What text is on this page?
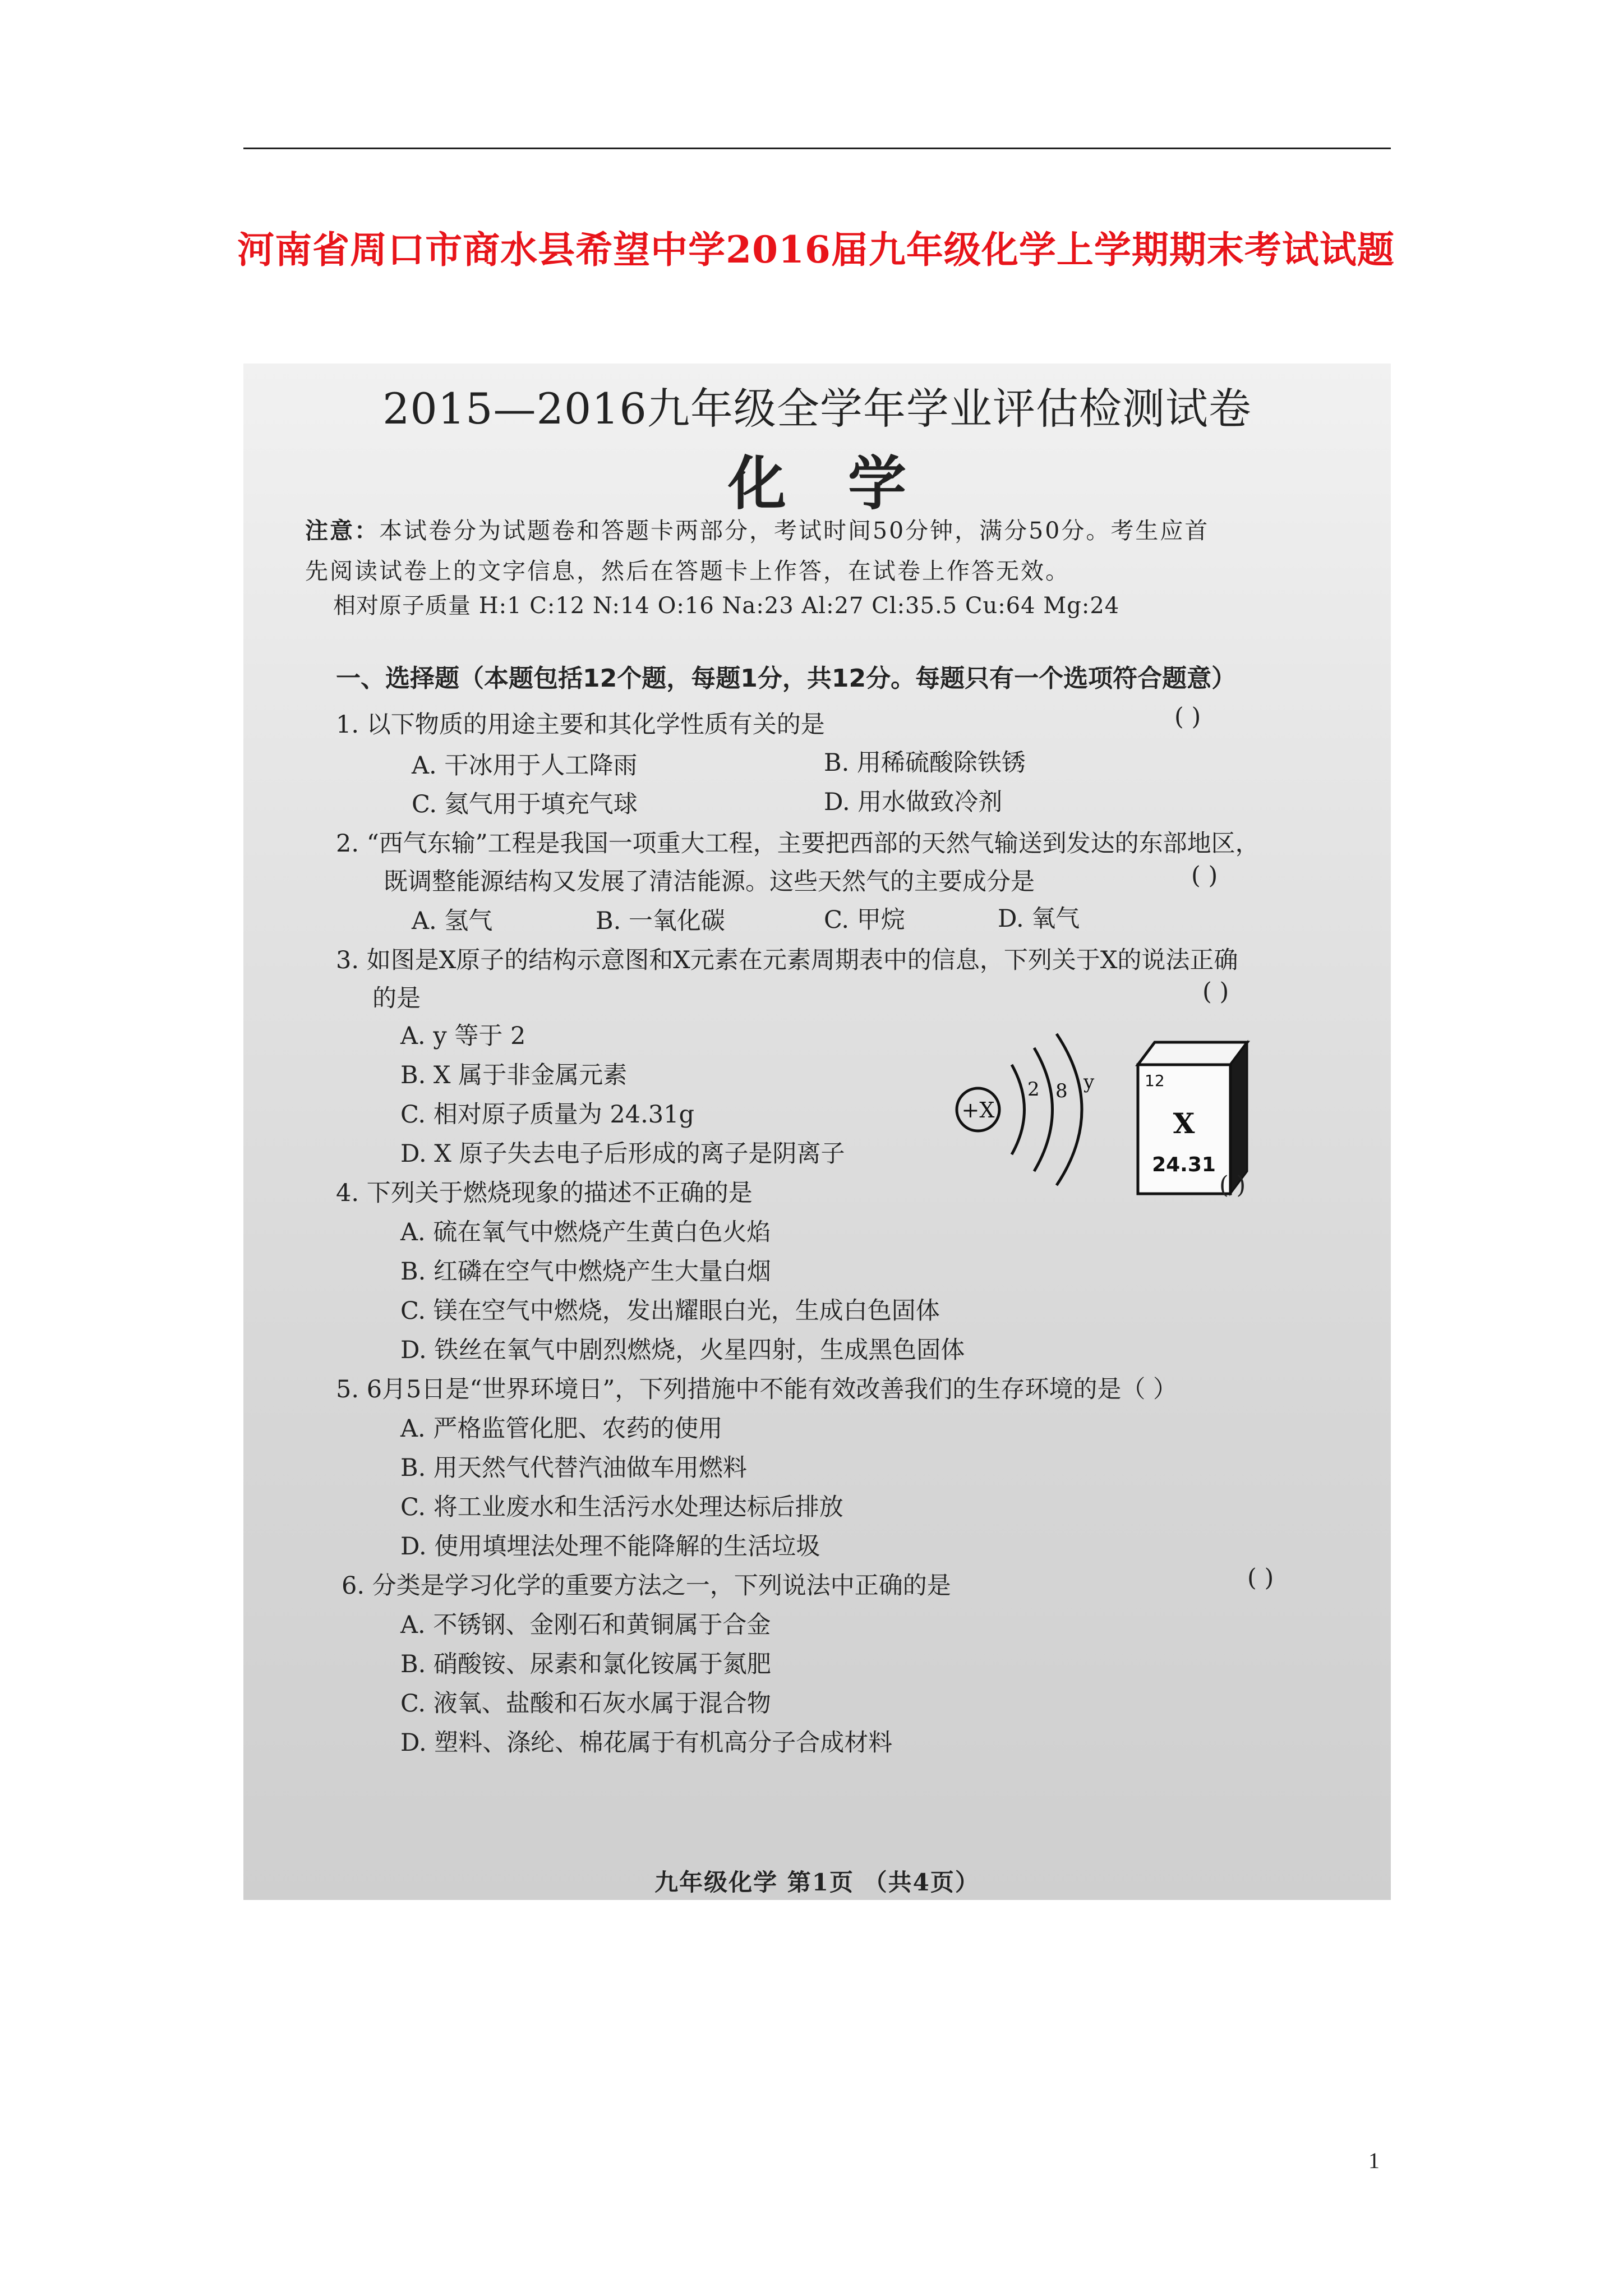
河南省周口市商水县希望中学2016届九年级化学上学期期末考试试题
2015—2016九年级全学年学业评估检测试卷
化学
注意：本试卷分为试题卷和答题卡两部分，考试时间50分钟，满分50分。考生应首
先阅读试卷上的文字信息，然后在答题卡上作答，在试卷上作答无效。
相对原子质量 H:1 C:12 N:14 O:16 Na:23 Al:27 Cl:35.5 Cu:64 Mg:24
一、选择题（本题包括12个题，每题1分，共12分。每题只有一个选项符合题意）
1. 以下物质的用途主要和其化学性质有关的是	( )
A. 干冰用于人工降雨	B. 用稀硫酸除铁锈
C. 氦气用于填充气球	D. 用水做致冷剂
2. “西气东输”工程是我国一项重大工程，主要把西部的天然气输送到发达的东部地区，
既调整能源结构又发展了清洁能源。这些天然气的主要成分是	( )
A. 氢气	B. 一氧化碳	C. 甲烷	D. 氧气
3. 如图是X原子的结构示意图和X元素在元素周期表中的信息，下列关于X的说法正确
的是	( )
A. y 等于 2
B. X 属于非金属元素
C. 相对原子质量为 24.31g
D. X 原子失去电子后形成的离子是阴离子
+X
2 8 y	12
X
24.31
4. 下列关于燃烧现象的描述不正确的是	( )
A. 硫在氧气中燃烧产生黄白色火焰
B. 红磷在空气中燃烧产生大量白烟
C. 镁在空气中燃烧，发出耀眼白光，生成白色固体
D. 铁丝在氧气中剧烈燃烧，火星四射，生成黑色固体
5. 6月5日是“世界环境日”，下列措施中不能有效改善我们的生存环境的是（ ）
A. 严格监管化肥、农药的使用
B. 用天然气代替汽油做车用燃料
C. 将工业废水和生活污水处理达标后排放
D. 使用填埋法处理不能降解的生活垃圾
6. 分类是学习化学的重要方法之一，下列说法中正确的是	( )
A. 不锈钢、金刚石和黄铜属于合金
B. 硝酸铵、尿素和氯化铵属于氮肥
C. 液氧、盐酸和石灰水属于混合物
D. 塑料、涤纶、棉花属于有机高分子合成材料
九年级化学 第1页 （共4页）
1
